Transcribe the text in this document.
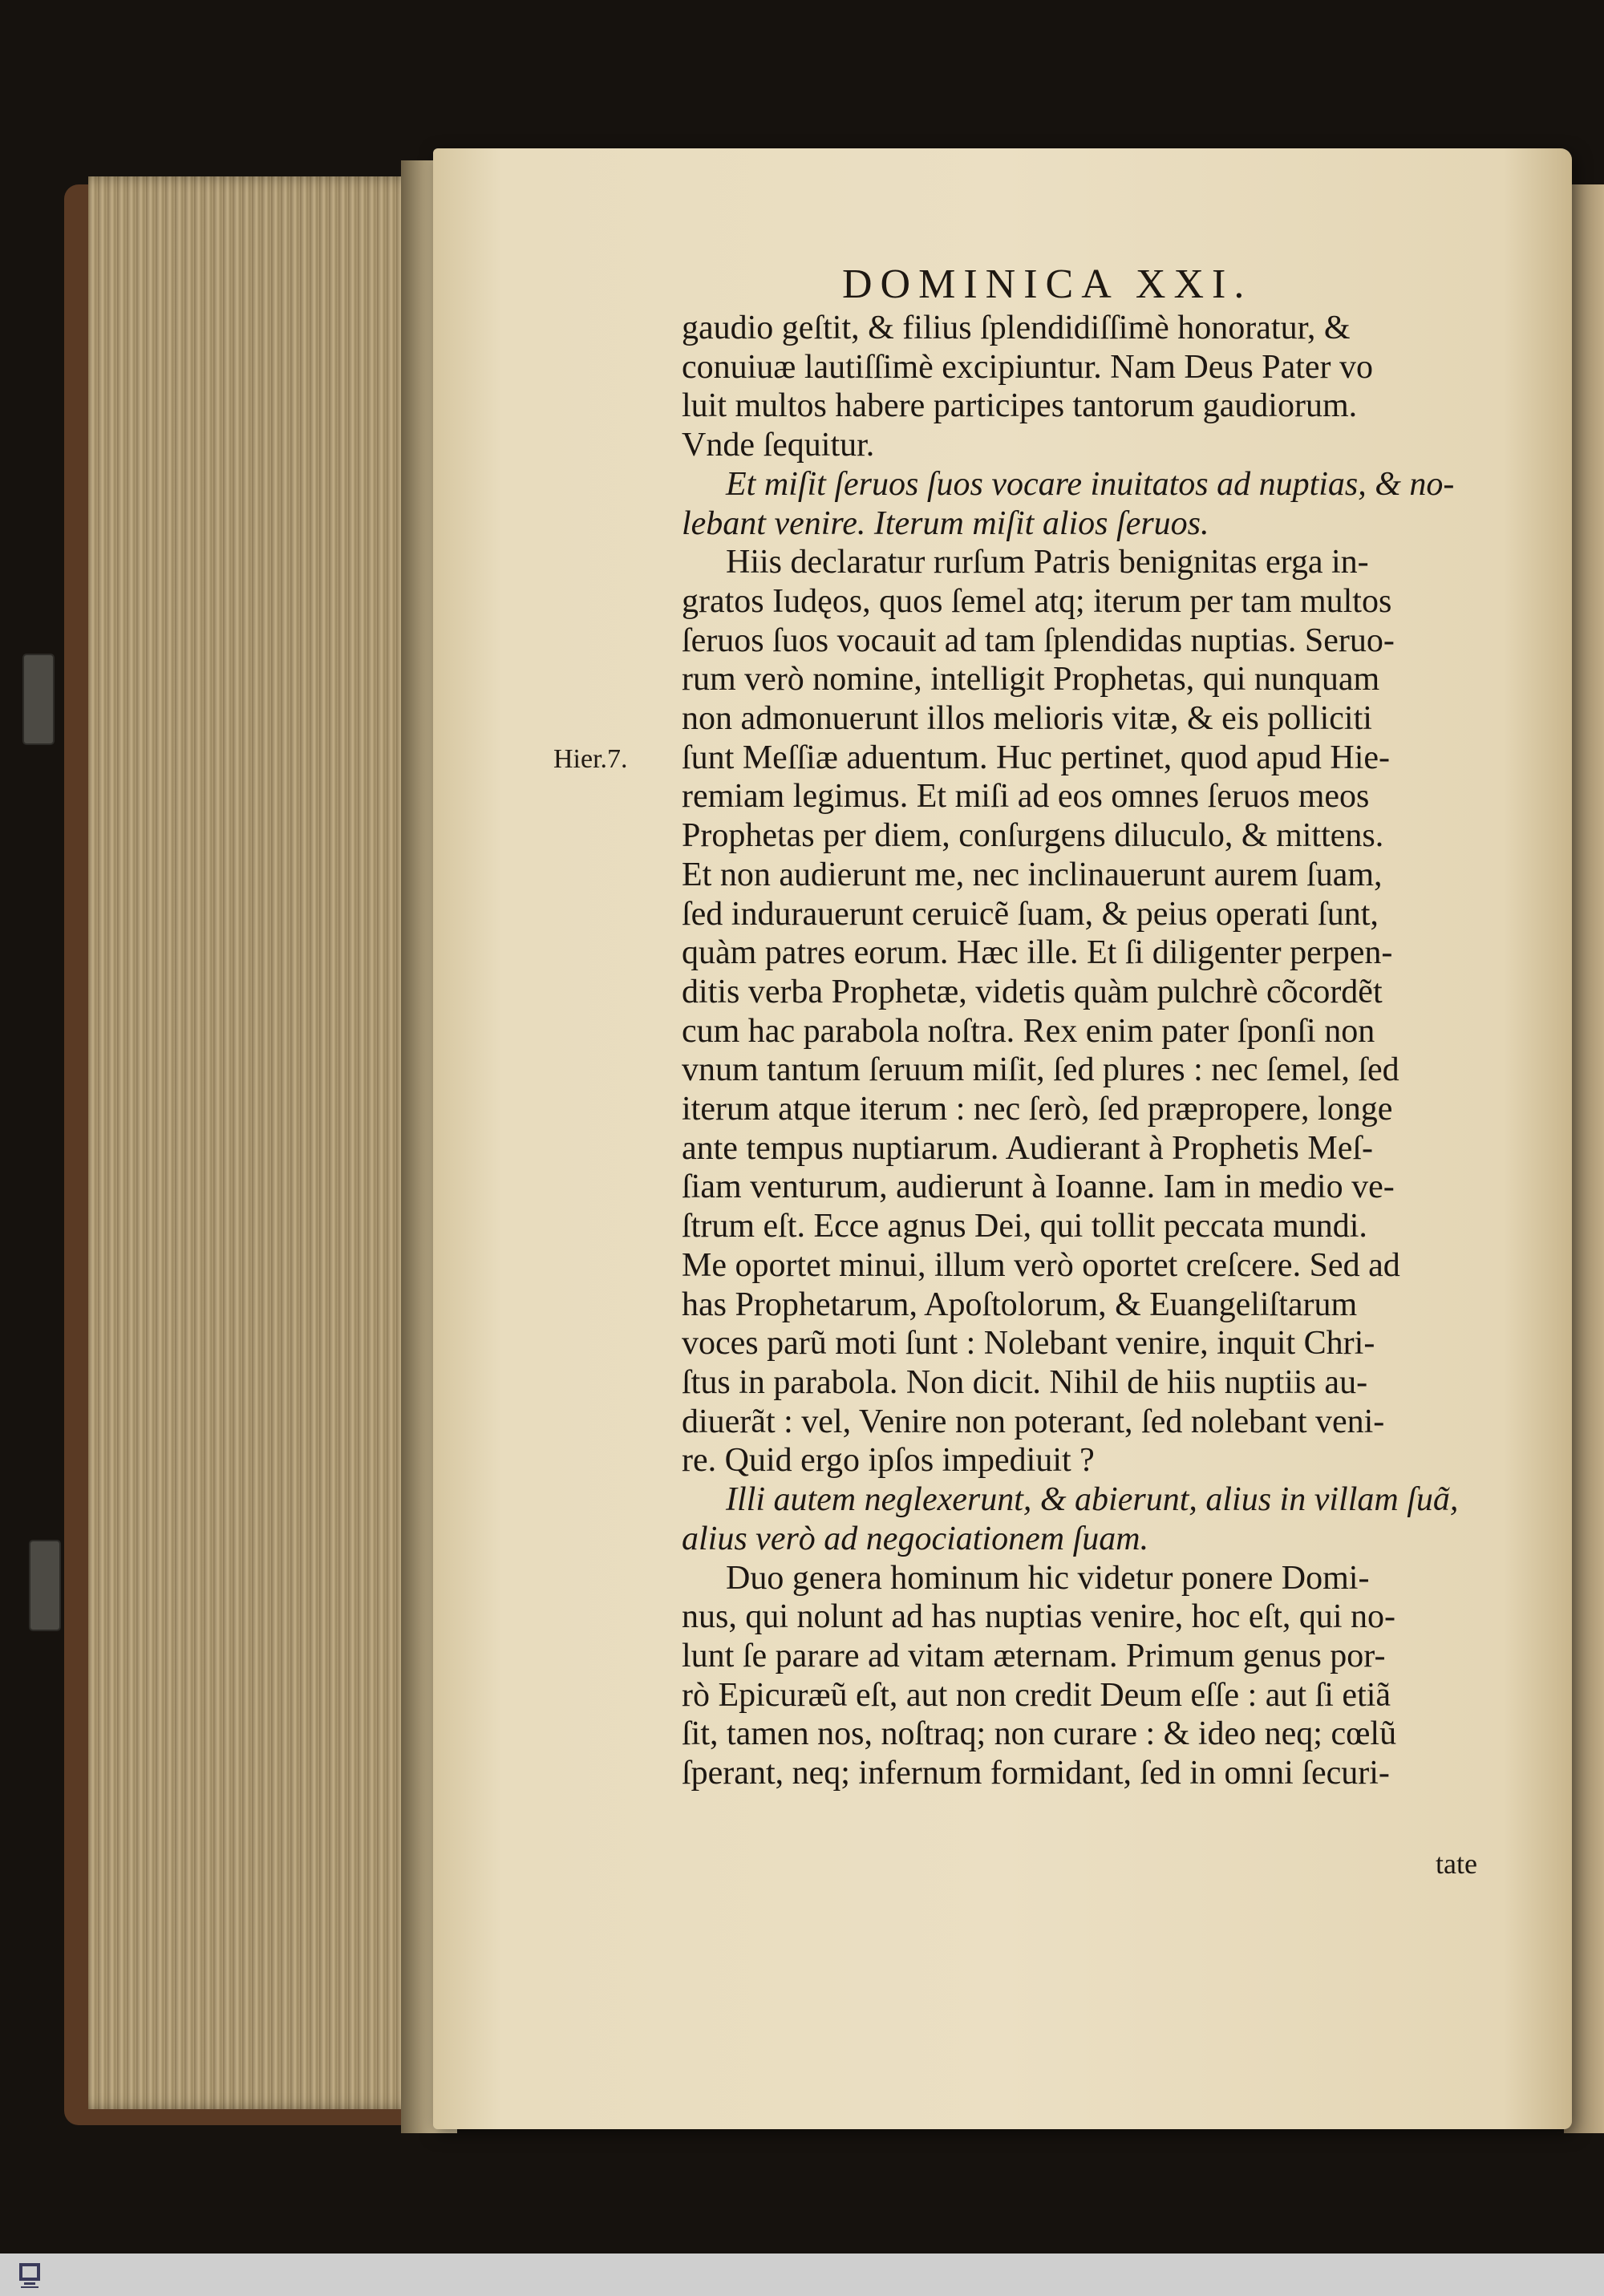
DOMINICA XXI.
Hier.7.
gaudio geſtit, & filius ſplendidiſſimè honoratur, &
conuiuæ lautiſſimè excipiuntur. Nam Deus Pater vo
luit multos habere participes tantorum gaudiorum.
Vnde ſequitur.
Et miſit ſeruos ſuos vocare inuitatos ad nuptias, & no-
lebant venire. Iterum miſit alios ſeruos.
Hiis declaratur rurſum Patris benignitas erga in-
gratos Iudęos, quos ſemel atq; iterum per tam multos
ſeruos ſuos vocauit ad tam ſplendidas nuptias. Seruo-
rum verò nomine, intelligit Prophetas, qui nunquam
non admonuerunt illos melioris vitæ, & eis polliciti
ſunt Meſſiæ aduentum. Huc pertinet, quod apud Hie-
remiam legimus. Et miſi ad eos omnes ſeruos meos
Prophetas per diem, conſurgens diluculo, & mittens.
Et non audierunt me, nec inclinauerunt aurem ſuam,
ſed indurauerunt ceruicẽ ſuam, & peius operati ſunt,
quàm patres eorum. Hæc ille. Et ſi diligenter perpen-
ditis verba Prophetæ, videtis quàm pulchrè cõcordẽt
cum hac parabola noſtra. Rex enim pater ſponſi non
vnum tantum ſeruum miſit, ſed plures : nec ſemel, ſed
iterum atque iterum : nec ſerò, ſed præpropere, longe
ante tempus nuptiarum. Audierant à Prophetis Meſ-
ſiam venturum, audierunt à Ioanne. Iam in medio ve-
ſtrum eſt. Ecce agnus Dei, qui tollit peccata mundi.
Me oportet minui, illum verò oportet creſcere. Sed ad
has Prophetarum, Apoſtolorum, & Euangeliſtarum
voces parũ moti ſunt : Nolebant venire, inquit Chri-
ſtus in parabola. Non dicit. Nihil de hiis nuptiis au-
diuerãt : vel, Venire non poterant, ſed nolebant veni-
re. Quid ergo ipſos impediuit ?
Illi autem neglexerunt, & abierunt, alius in villam ſuã,
alius verò ad negociationem ſuam.
Duo genera hominum hic videtur ponere Domi-
nus, qui nolunt ad has nuptias venire, hoc eſt, qui no-
lunt ſe parare ad vitam æternam. Primum genus por-
rò Epicuræũ eſt, aut non credit Deum eſſe : aut ſi etiã
ſit, tamen nos, noſtraq; non curare : & ideo neq; cœlũ
ſperant, neq; infernum formidant, ſed in omni ſecuri-
tate
